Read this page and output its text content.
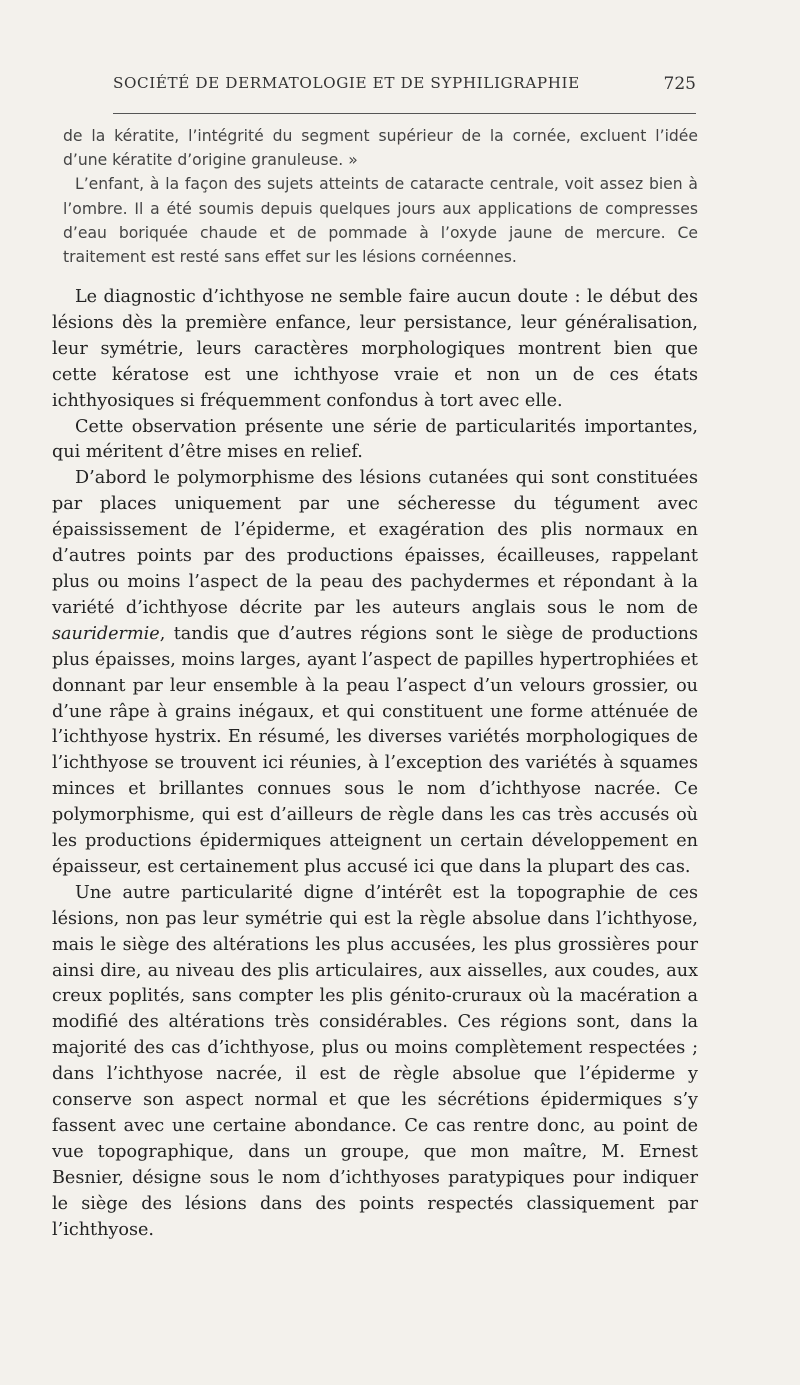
SOCIÉTÉ DE DERMATOLOGIE ET DE SYPHILIGRAPHIE	725

de la kératite, l’intégrité du segment supérieur de la cornée, excluent l’idée d’une kératite d’origine granuleuse. »

L’enfant, à la façon des sujets atteints de cataracte centrale, voit assez bien à l’ombre. Il a été soumis depuis quelques jours aux applications de compresses d’eau boriquée chaude et de pommade à l’oxyde jaune de mercure. Ce traitement est resté sans effet sur les lésions cornéennes.

Le diagnostic d’ichthyose ne semble faire aucun doute : le début des lésions dès la première enfance, leur persistance, leur généralisation, leur symétrie, leurs caractères morphologiques montrent bien que cette kératose est une ichthyose vraie et non un de ces états ichthyosiques si fréquemment confondus à tort avec elle.

Cette observation présente une série de particularités importantes, qui méritent d’être mises en relief.

D’abord le polymorphisme des lésions cutanées qui sont constituées par places uniquement par une sécheresse du tégument avec épaississement de l’épiderme, et exagération des plis normaux en d’autres points par des productions épaisses, écailleuses, rappelant plus ou moins l’aspect de la peau des pachydermes et répondant à la variété d’ichthyose décrite par les auteurs anglais sous le nom de sauridermie, tandis que d’autres régions sont le siège de productions plus épaisses, moins larges, ayant l’aspect de papilles hypertrophiées et donnant par leur ensemble à la peau l’aspect d’un velours grossier, ou d’une râpe à grains inégaux, et qui constituent une forme atténuée de l’ichthyose hystrix. En résumé, les diverses variétés morphologiques de l’ichthyose se trouvent ici réunies, à l’exception des variétés à squames minces et brillantes connues sous le nom d’ichthyose nacrée. Ce polymorphisme, qui est d’ailleurs de règle dans les cas très accusés où les productions épidermiques atteignent un certain développement en épaisseur, est certainement plus accusé ici que dans la plupart des cas.

Une autre particularité digne d’intérêt est la topographie de ces lésions, non pas leur symétrie qui est la règle absolue dans l’ichthyose, mais le siège des altérations les plus accusées, les plus grossières pour ainsi dire, au niveau des plis articulaires, aux aisselles, aux coudes, aux creux poplités, sans compter les plis génito-cruraux où la macération a modifié des altérations très considérables. Ces régions sont, dans la majorité des cas d’ichthyose, plus ou moins complètement respectées ; dans l’ichthyose nacrée, il est de règle absolue que l’épiderme y conserve son aspect normal et que les sécrétions épidermiques s’y fassent avec une certaine abondance. Ce cas rentre donc, au point de vue topographique, dans un groupe, que mon maître, M. Ernest Besnier, désigne sous le nom d’ichthyoses paratypiques pour indiquer le siège des lésions dans des points respectés classiquement par l’ichthyose.
